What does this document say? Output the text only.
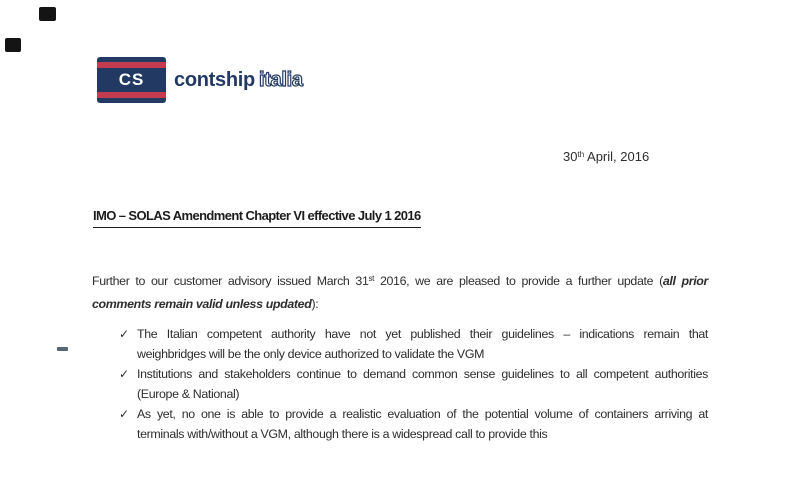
CS	contship italia
30th April, 2016
IMO – SOLAS Amendment Chapter VI effective July 1 2016
Further to our customer advisory issued March 31st 2016, we are pleased to provide a further update (all prior
comments remain valid unless updated):
✓ The Italian competent authority have not yet published their guidelines – indications remain that
weighbridges will be the only device authorized to validate the VGM
✓ Institutions and stakeholders continue to demand common sense guidelines to all competent authorities
(Europe & National)
✓ As yet, no one is able to provide a realistic evaluation of the potential volume of containers arriving at
terminals with/without a VGM, although there is a widespread call to provide this
